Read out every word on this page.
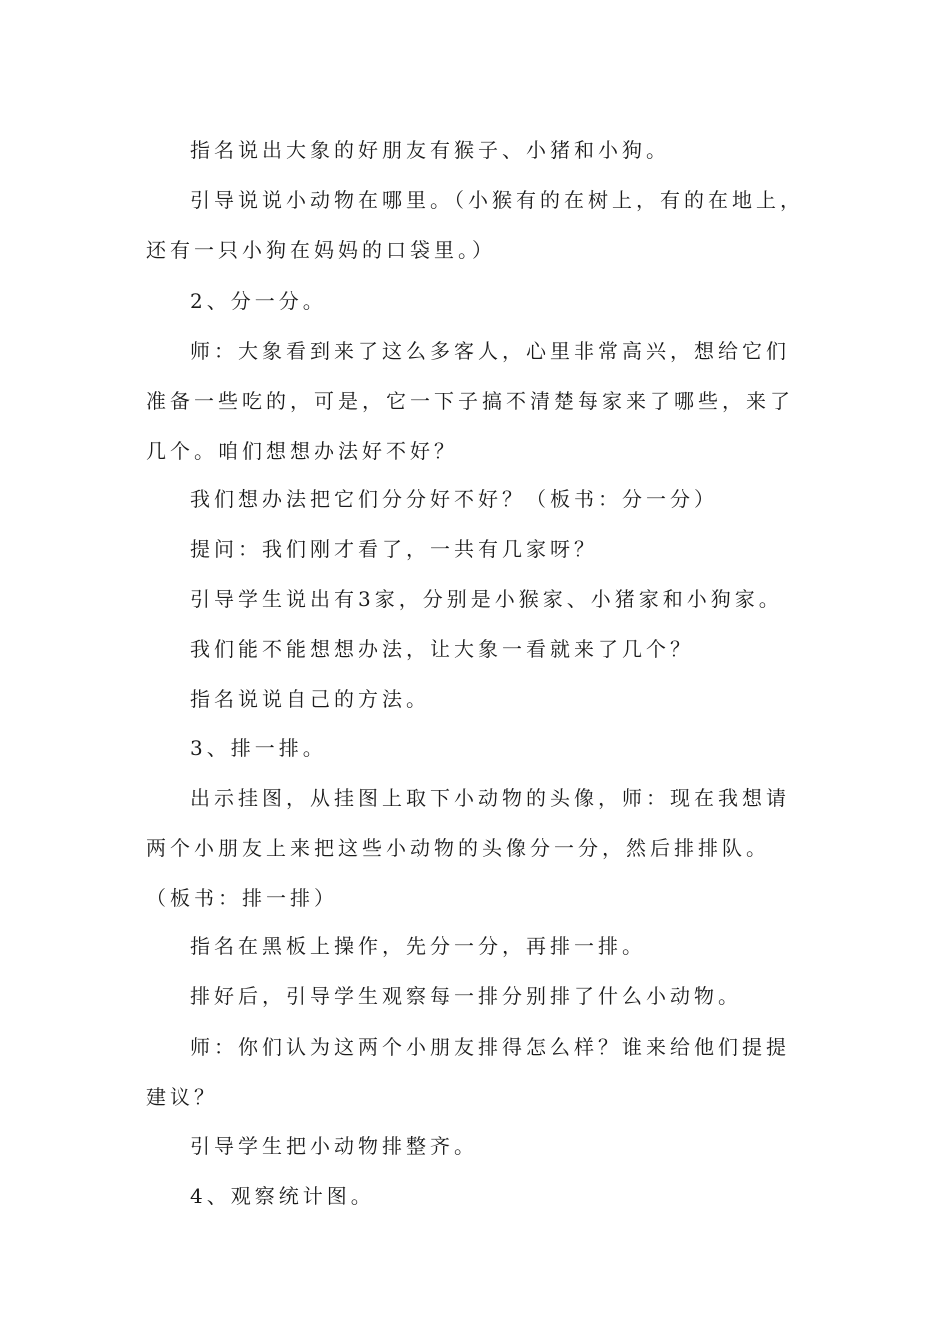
指名说出大象的好朋友有猴子、小猪和小狗。

引导说说小动物在哪里。（小猴有的在树上，有的在地上，还有一只小狗在妈妈的口袋里。）

2、分一分。

师：大象看到来了这么多客人，心里非常高兴，想给它们准备一些吃的，可是，它一下子搞不清楚每家来了哪些，来了几个。咱们想想办法好不好？

我们想办法把它们分分好不好？（板书：分一分）

提问：我们刚才看了，一共有几家呀？

引导学生说出有3家，分别是小猴家、小猪家和小狗家。

我们能不能想想办法，让大象一看就来了几个？

指名说说自己的方法。

3、排一排。

出示挂图，从挂图上取下小动物的头像，师：现在我想请两个小朋友上来把这些小动物的头像分一分，然后排排队。（板书：排一排）

指名在黑板上操作，先分一分，再排一排。

排好后，引导学生观察每一排分别排了什么小动物。

师：你们认为这两个小朋友排得怎么样？谁来给他们提提建议？

引导学生把小动物排整齐。

4、观察统计图。
